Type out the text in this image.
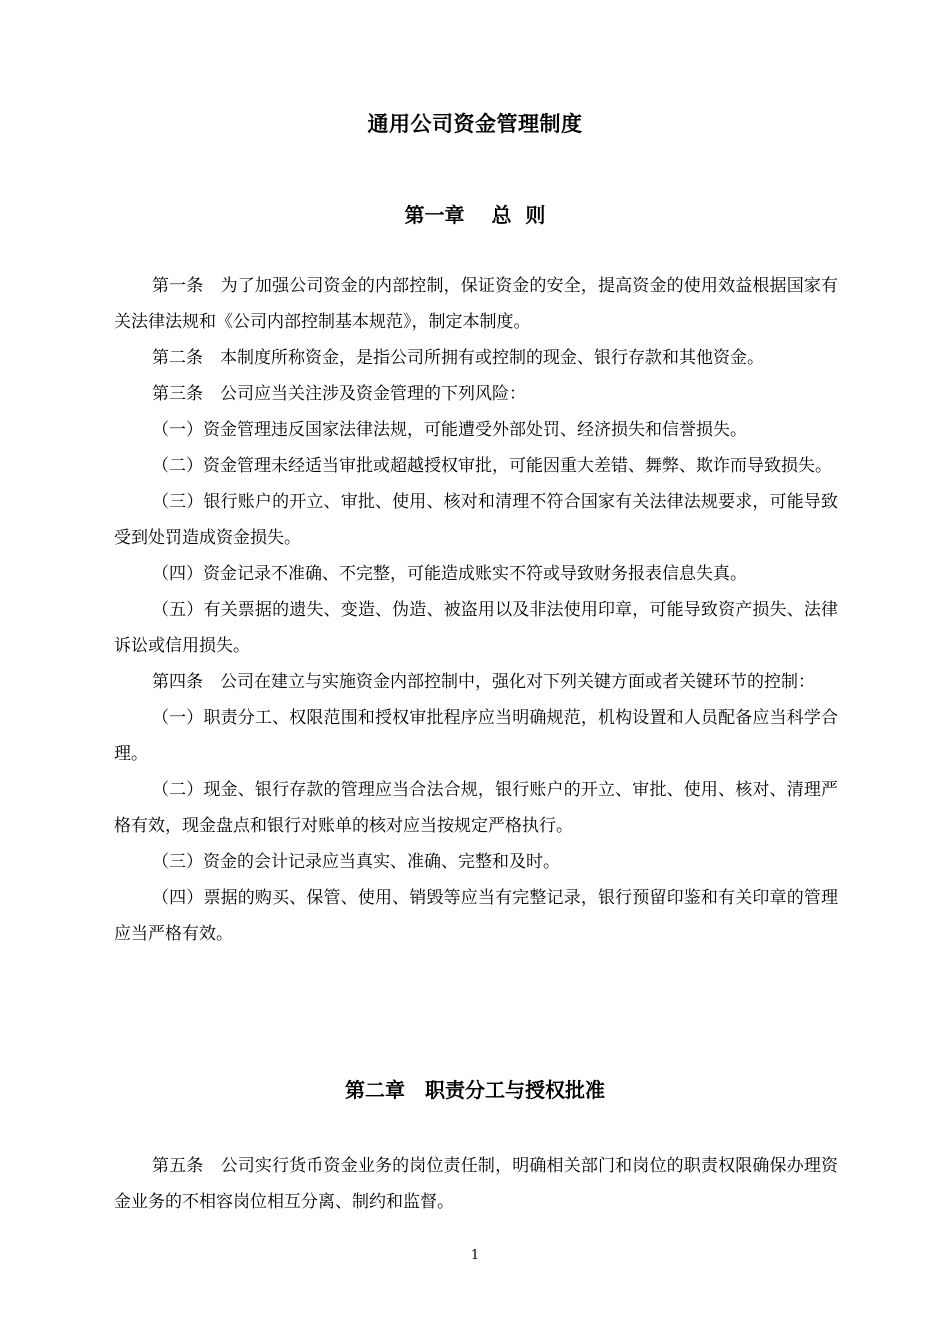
通用公司资金管理制度
第一章　 总  则

第一条　为了加强公司资金的内部控制，保证资金的安全，提高资金的使用效益根据国家有关法律法规和《公司内部控制基本规范》，制定本制度。

第二条　本制度所称资金，是指公司所拥有或控制的现金、银行存款和其他资金。

第三条　公司应当关注涉及资金管理的下列风险：

（一）资金管理违反国家法律法规，可能遭受外部处罚、经济损失和信誉损失。

（二）资金管理未经适当审批或超越授权审批，可能因重大差错、舞弊、欺诈而导致损失。

（三）银行账户的开立、审批、使用、核对和清理不符合国家有关法律法规要求，可能导致受到处罚造成资金损失。

（四）资金记录不准确、不完整，可能造成账实不符或导致财务报表信息失真。

（五）有关票据的遗失、变造、伪造、被盗用以及非法使用印章，可能导致资产损失、法律诉讼或信用损失。

第四条　公司在建立与实施资金内部控制中，强化对下列关键方面或者关键环节的控制：

（一）职责分工、权限范围和授权审批程序应当明确规范，机构设置和人员配备应当科学合理。

（二）现金、银行存款的管理应当合法合规，银行账户的开立、审批、使用、核对、清理严格有效，现金盘点和银行对账单的核对应当按规定严格执行。

（三）资金的会计记录应当真实、准确、完整和及时。

（四）票据的购买、保管、使用、销毁等应当有完整记录，银行预留印鉴和有关印章的管理应当严格有效。

第二章　职责分工与授权批准

第五条　公司实行货币资金业务的岗位责任制，明确相关部门和岗位的职责权限确保办理资金业务的不相容岗位相互分离、制约和监督。

1
